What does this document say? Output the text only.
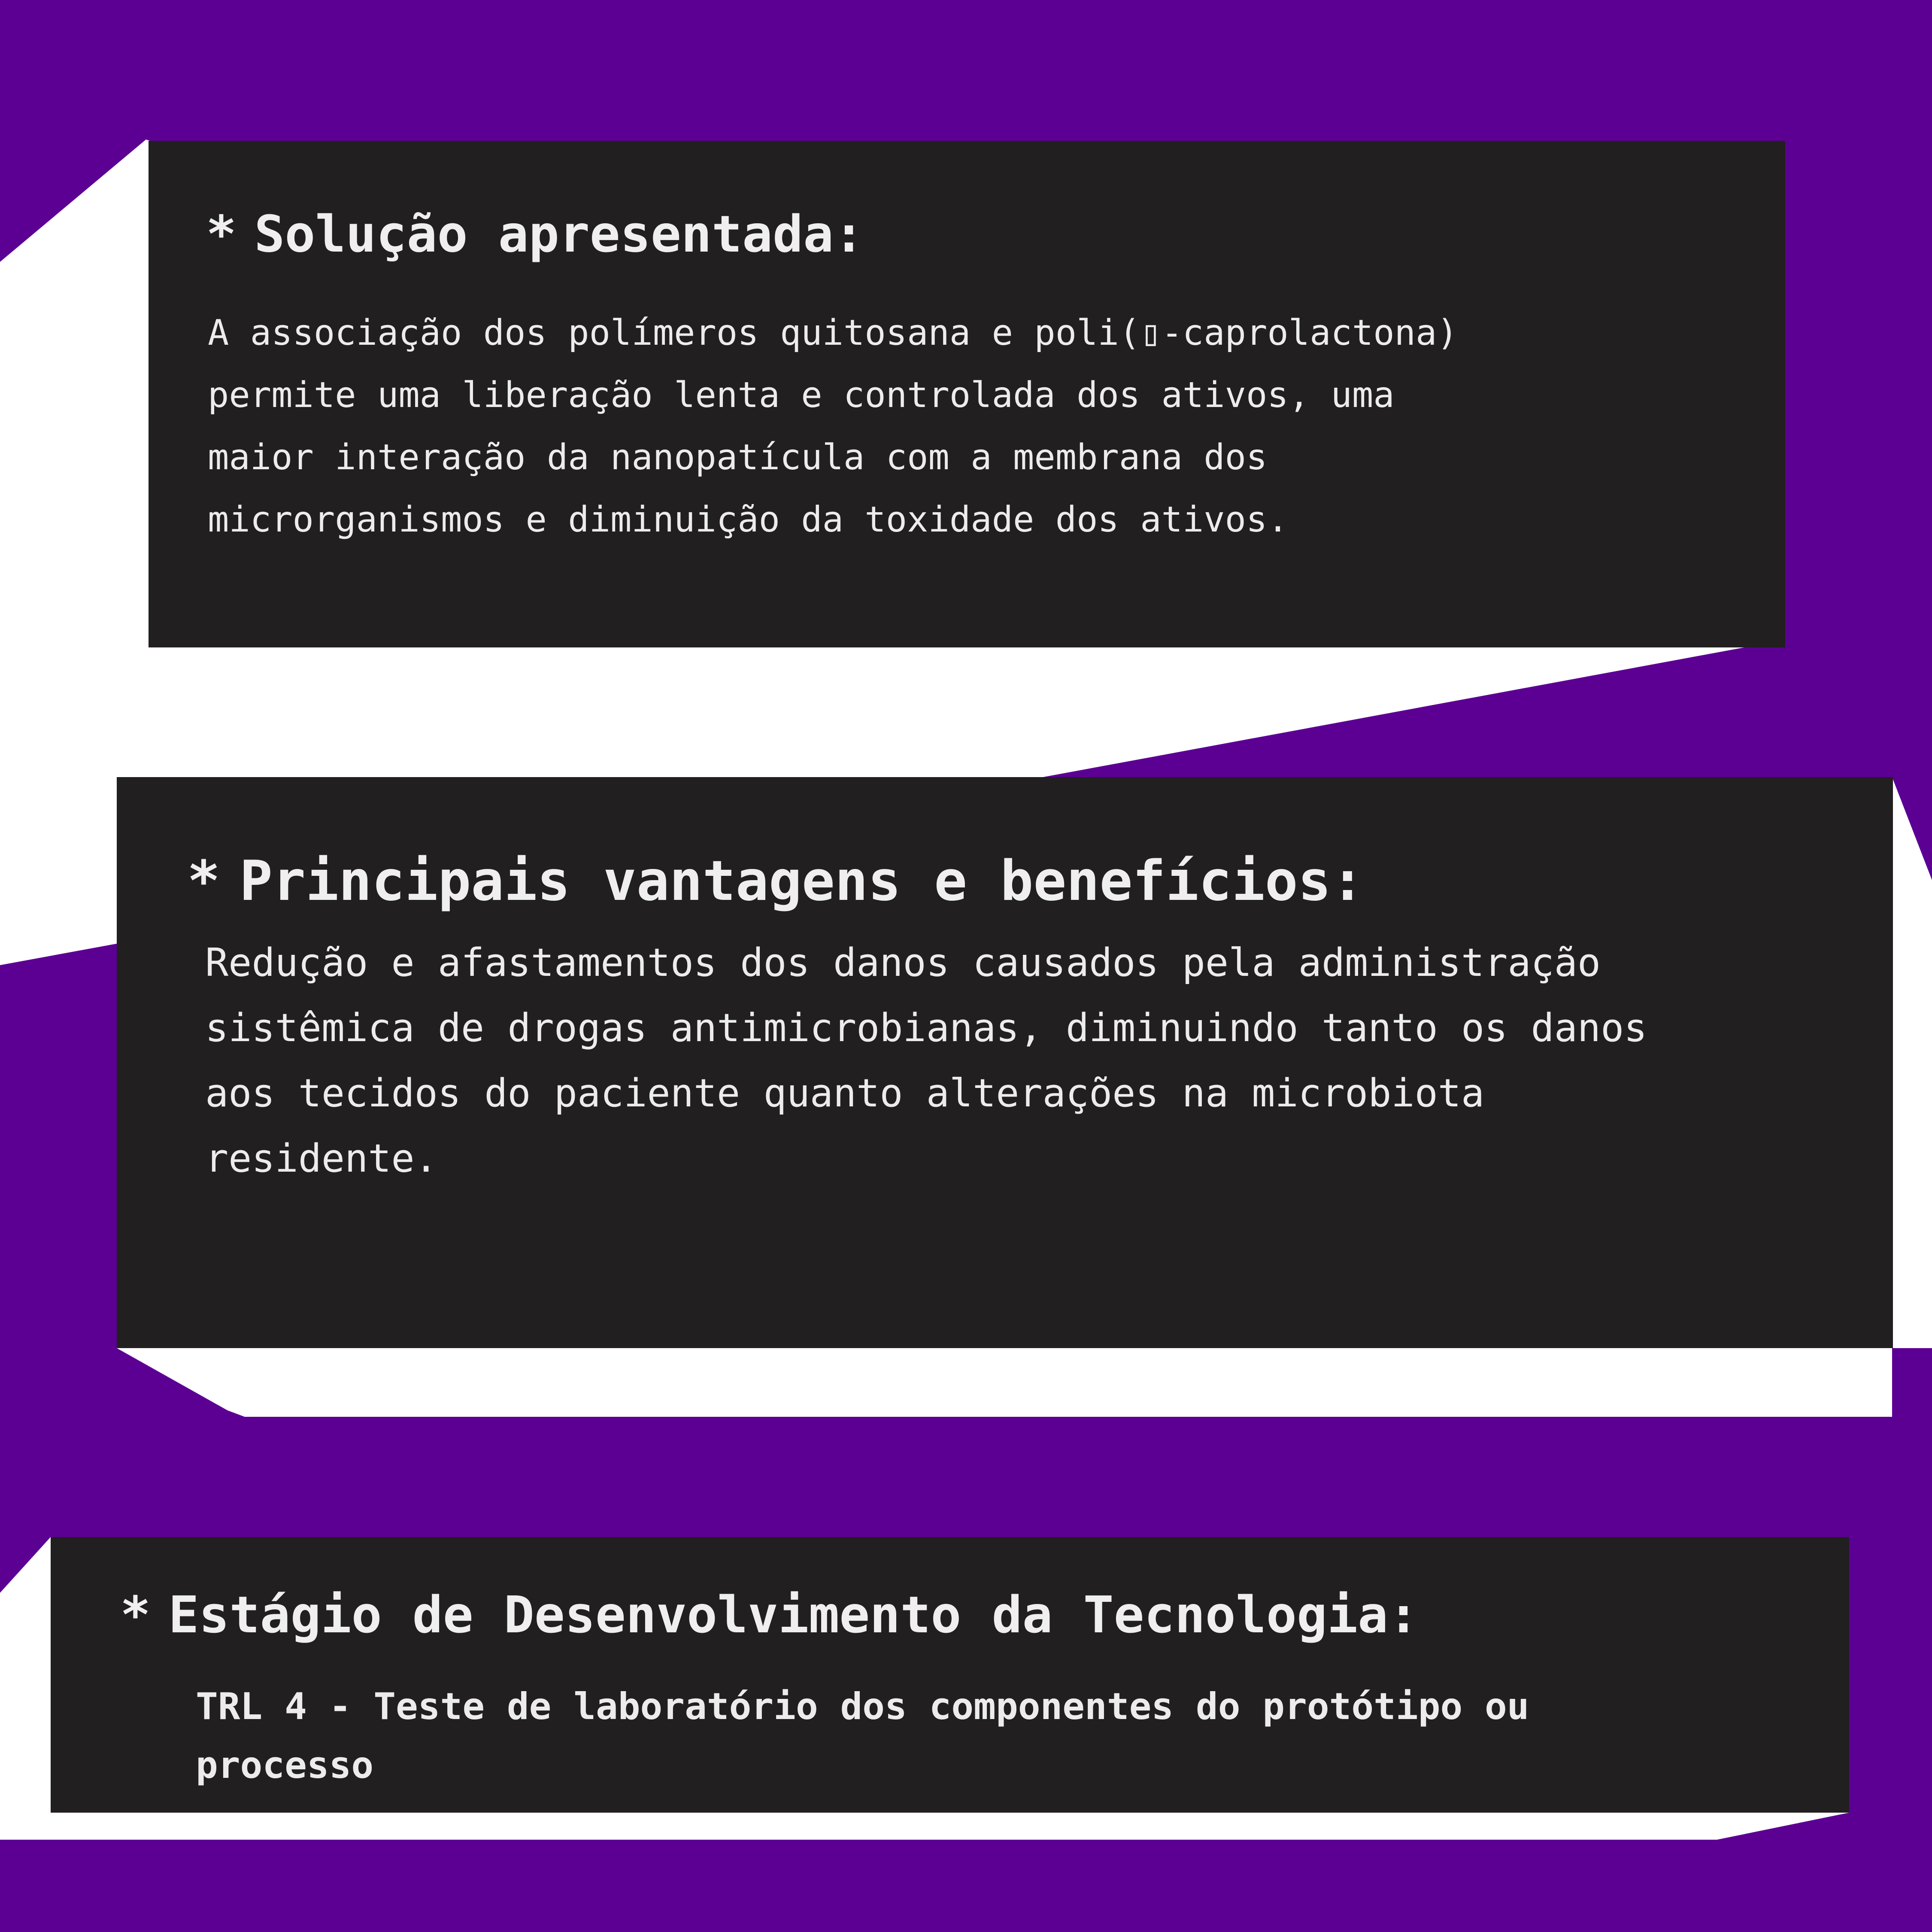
* Solução apresentada:

A associação dos polímeros quitosana e poli(▯-caprolactona)
permite uma liberação lenta e controlada dos ativos, uma
maior interação da nanopatícula com a membrana dos
microrganismos e diminuição da toxidade dos ativos.

* Principais vantagens e benefícios:

Redução e afastamentos dos danos causados pela administração
sistêmica de drogas antimicrobianas, diminuindo tanto os danos
aos tecidos do paciente quanto alterações na microbiota
residente.

* Estágio de Desenvolvimento da Tecnologia:

TRL 4 - Teste de laboratório dos componentes do protótipo ou
processo
